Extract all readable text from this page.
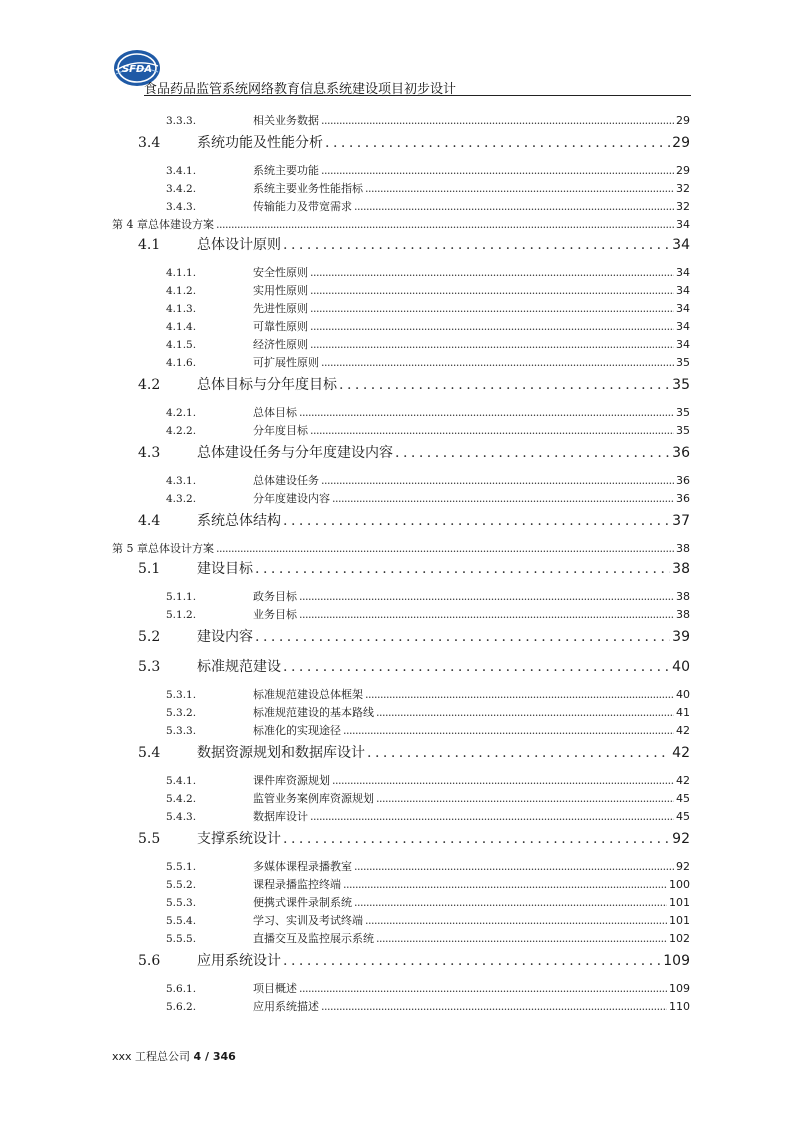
SFDA
食品药品监管系统网络教育信息系统建设项目初步设计
3.3.3.	相关业务数据 .....	29
3.4	系统功能及性能分析 .....	29
3.4.1.	系统主要功能 .....	29
3.4.2.	系统主要业务性能指标 .....	32
3.4.3.	传输能力及带宽需求 .....	32
第 4 章总体建设方案 .....	34
4.1	总体设计原则 .....	34
4.1.1.	安全性原则 .....	34
4.1.2.	实用性原则 .....	34
4.1.3.	先进性原则 .....	34
4.1.4.	可靠性原则 .....	34
4.1.5.	经济性原则 .....	34
4.1.6.	可扩展性原则 .....	35
4.2	总体目标与分年度目标 .....	35
4.2.1.	总体目标 .....	35
4.2.2.	分年度目标 .....	35
4.3	总体建设任务与分年度建设内容 .....	36
4.3.1.	总体建设任务 .....	36
4.3.2.	分年度建设内容 .....	36
4.4	系统总体结构 .....	37
第 5 章总体设计方案 .....	38
5.1	建设目标 .....	38
5.1.1.	政务目标 .....	38
5.1.2.	业务目标 .....	38
5.2	建设内容 .....	39
5.3	标准规范建设 .....	40
5.3.1.	标准规范建设总体框架 .....	40
5.3.2.	标准规范建设的基本路线 .....	41
5.3.3.	标准化的实现途径 .....	42
5.4	数据资源规划和数据库设计 .....	42
5.4.1.	课件库资源规划 .....	42
5.4.2.	监管业务案例库资源规划 .....	45
5.4.3.	数据库设计 .....	45
5.5	支撑系统设计 .....	92
5.5.1.	多媒体课程录播教室 .....	92
5.5.2.	课程录播监控终端 .....	100
5.5.3.	便携式课件录制系统 .....	101
5.5.4.	学习、实训及考试终端 .....	101
5.5.5.	直播交互及监控展示系统 .....	102
5.6	应用系统设计 .....	109
5.6.1.	项目概述 .....	109
5.6.2.	应用系统描述 .....	110
xxx 工程总公司 4 / 346
